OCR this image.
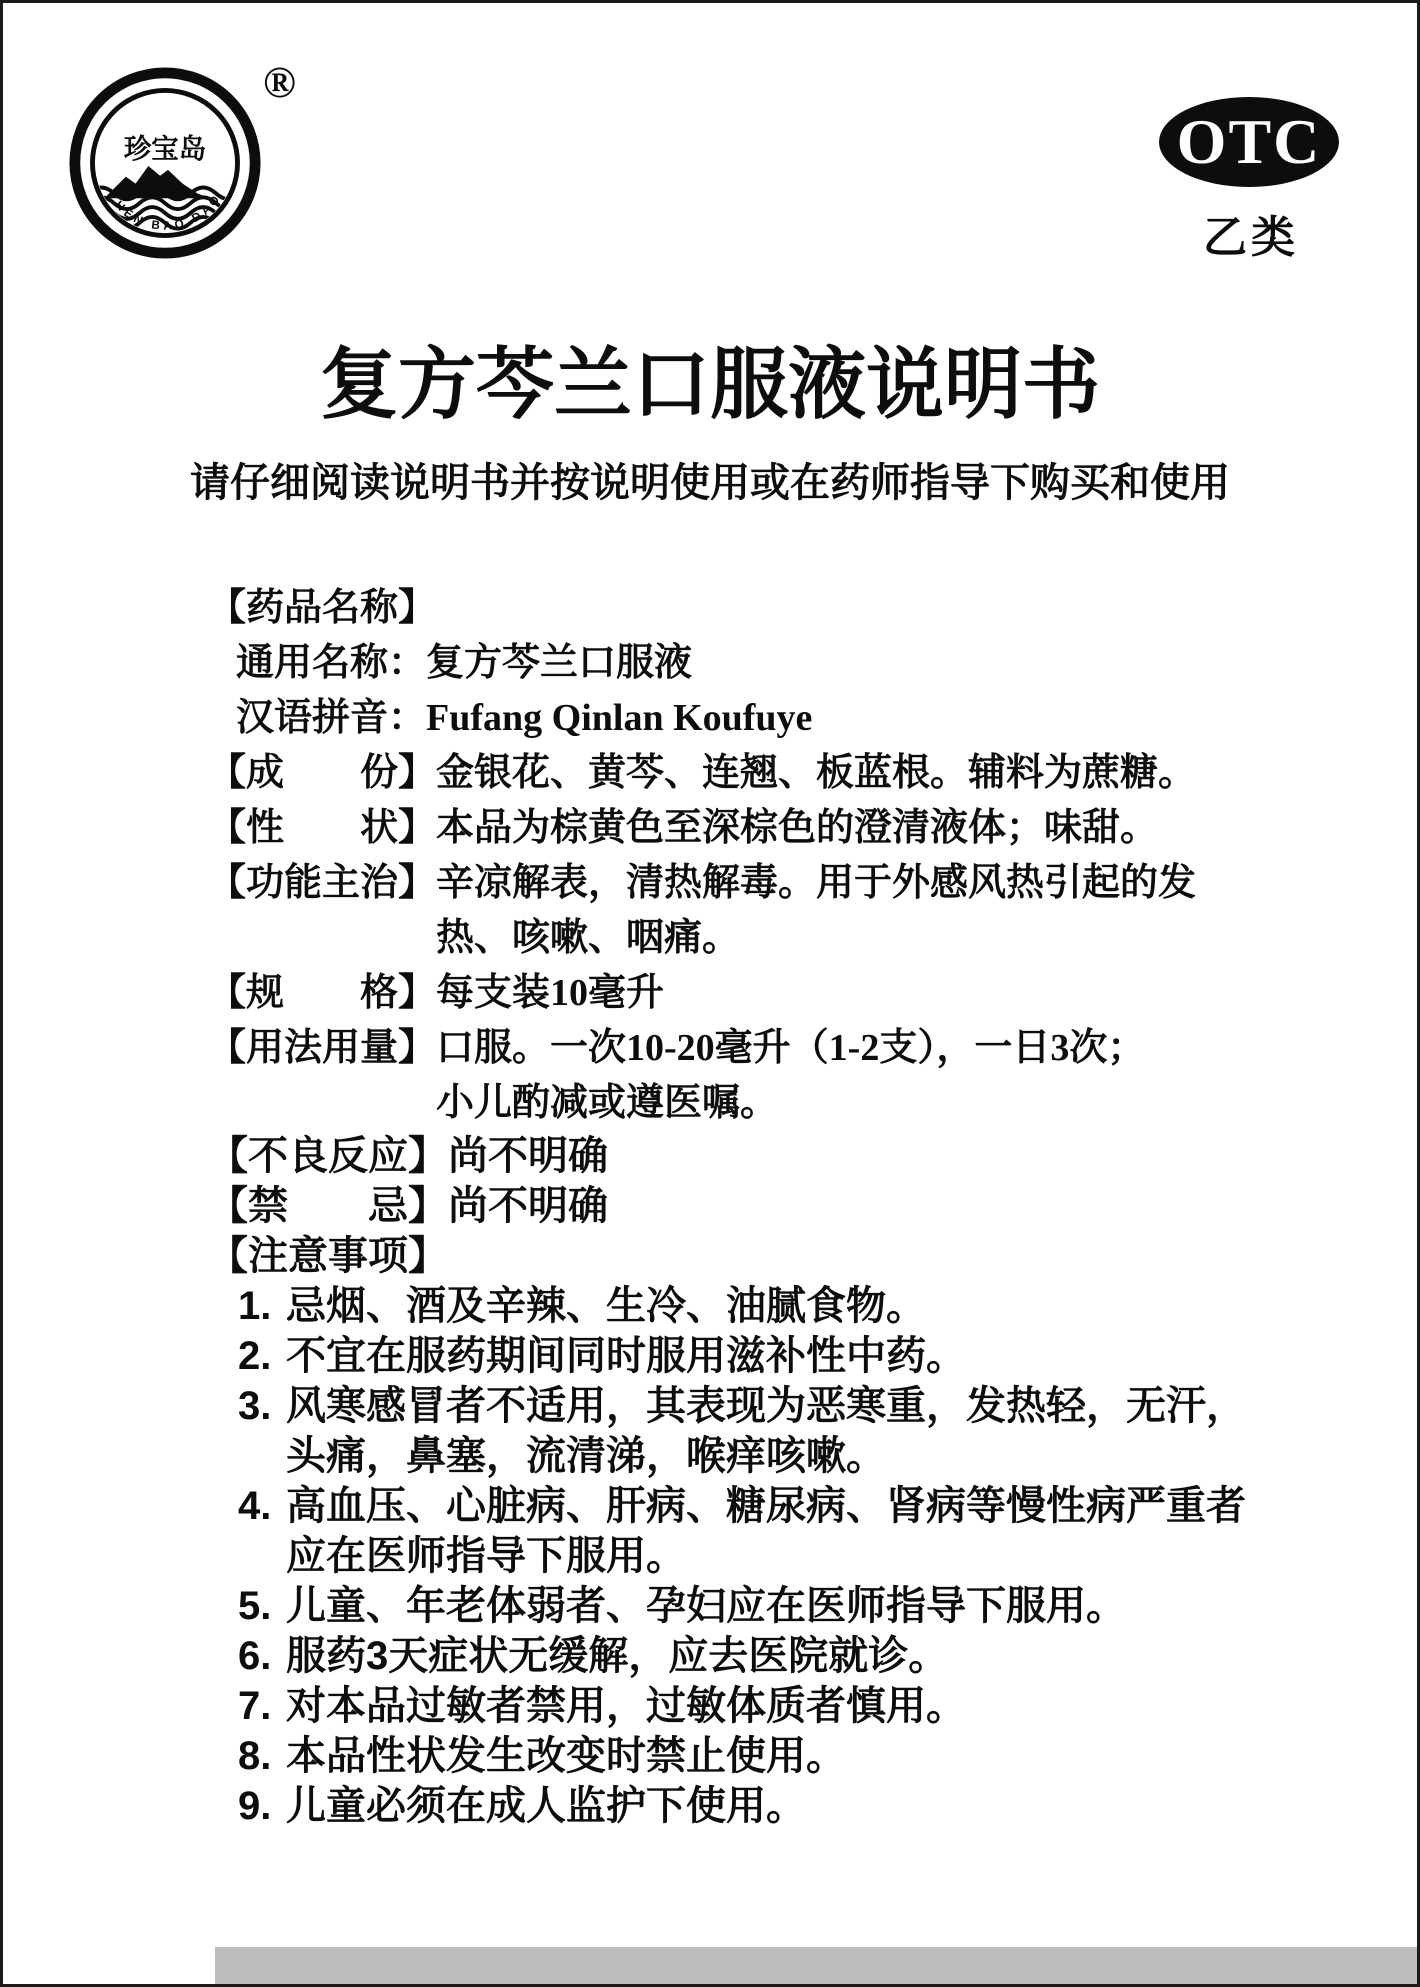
珍宝岛
ZHEN BAO DAO
®
OTC
乙类
复方芩兰口服液说明书
请仔细阅读说明书并按说明使用或在药师指导下购买和使用
【药品名称】
通用名称：复方芩兰口服液
汉语拼音：Fufang Qinlan Koufuye
【成　　份】金银花、黄芩、连翘、板蓝根。辅料为蔗糖。
【性　　状】本品为棕黄色至深棕色的澄清液体；味甜。
【功能主治】辛凉解表，清热解毒。用于外感风热引起的发
热、咳嗽、咽痛。
【规　　格】每支装10毫升
【用法用量】口服。一次10-20毫升（1-2支），一日3次；
小儿酌减或遵医嘱。
【不良反应】尚不明确
【禁　　忌】尚不明确
【注意事项】
1. 忌烟、酒及辛辣、生冷、油腻食物。
2. 不宜在服药期间同时服用滋补性中药。
3. 风寒感冒者不适用，其表现为恶寒重，发热轻，无汗，
头痛，鼻塞，流清涕，喉痒咳嗽。
4. 高血压、心脏病、肝病、糖尿病、肾病等慢性病严重者
应在医师指导下服用。
5. 儿童、年老体弱者、孕妇应在医师指导下服用。
6. 服药3天症状无缓解，应去医院就诊。
7. 对本品过敏者禁用，过敏体质者慎用。
8. 本品性状发生改变时禁止使用。
9. 儿童必须在成人监护下使用。
